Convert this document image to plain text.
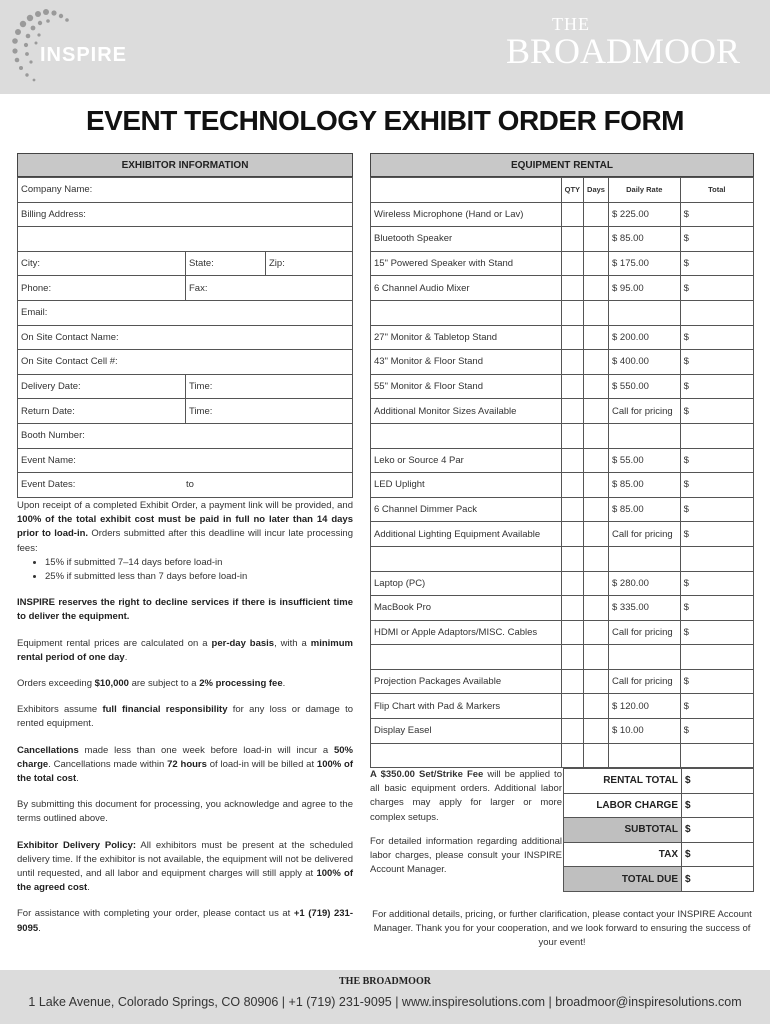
INSPIRE
THE
BROADMOOR
EVENT TECHNOLOGY EXHIBIT ORDER FORM
EXHIBITOR INFORMATION
Company Name:		
Billing Address:		

City:	State:	Zip:
Phone:	Fax:	
Email:		
On Site Contact Name:		
On Site Contact Cell #:		
Delivery Date:	Time:	
Return Date:	Time:	
Booth Number:		
Event Name:		
Event Dates: to		

Upon receipt of a completed Exhibit Order, a payment link will be provided, and 100% of the total exhibit cost must be paid in full no later than 14 days prior to load-in. Orders submitted after this deadline will incur late processing fees:

• 15% if submitted 7–14 days before load-in
• 25% if submitted less than 7 days before load-in

INSPIRE reserves the right to decline services if there is insufficient time to deliver the equipment.

Equipment rental prices are calculated on a per-day basis, with a minimum rental period of one day.

Orders exceeding $10,000 are subject to a 2% processing fee.

Exhibitors assume full financial responsibility for any loss or damage to rented equipment.

Cancellations made less than one week before load-in will incur a 50% charge. Cancellations made within 72 hours of load-in will be billed at 100% of the total cost.

By submitting this document for processing, you acknowledge and agree to the terms outlined above.

Exhibitor Delivery Policy: All exhibitors must be present at the scheduled delivery time. If the exhibitor is not available, the equipment will not be delivered until requested, and all labor and equipment charges will still apply at 100% of the agreed cost.

For assistance with completing your order, please contact us at +1 (719) 231-9095.

EQUIPMENT RENTAL
	QTY	Days	Daily Rate	Total
Wireless Microphone (Hand or Lav)			$ 225.00	$
Bluetooth Speaker			$ 85.00	$
15" Powered Speaker with Stand			$ 175.00	$
6 Channel Audio Mixer			$ 95.00	$

27" Monitor & Tabletop Stand			$ 200.00	$
43" Monitor & Floor Stand			$ 400.00	$
55" Monitor & Floor Stand			$ 550.00	$
Additional Monitor Sizes Available			Call for pricing	$

Leko or Source 4 Par			$ 55.00	$
LED Uplight			$ 85.00	$
6 Channel Dimmer Pack			$ 85.00	$
Additional Lighting Equipment Available			Call for pricing	$

Laptop (PC)			$ 280.00	$
MacBook Pro			$ 335.00	$
HDMI or Apple Adaptors/MISC. Cables			Call for pricing	$

Projection Packages Available			Call for pricing	$
Flip Chart with Pad & Markers			$ 120.00	$
Display Easel			$ 10.00	$

A $350.00 Set/Strike Fee will be applied to all basic equipment orders. Additional labor charges may apply for larger or more complex setups.

For detailed information regarding additional labor charges, please consult your INSPIRE Account Manager.

RENTAL TOTAL	$
LABOR CHARGE	$
SUBTOTAL	$
TAX	$
TOTAL DUE	$
For additional details, pricing, or further clarification, please contact your INSPIRE Account Manager. Thank you for your cooperation, and we look forward to ensuring the success of your event!
THE BROADMOOR
1 Lake Avenue, Colorado Springs, CO 80906 | +1 (719) 231-9095 | www.inspiresolutions.com | broadmoor@inspiresolutions.com
